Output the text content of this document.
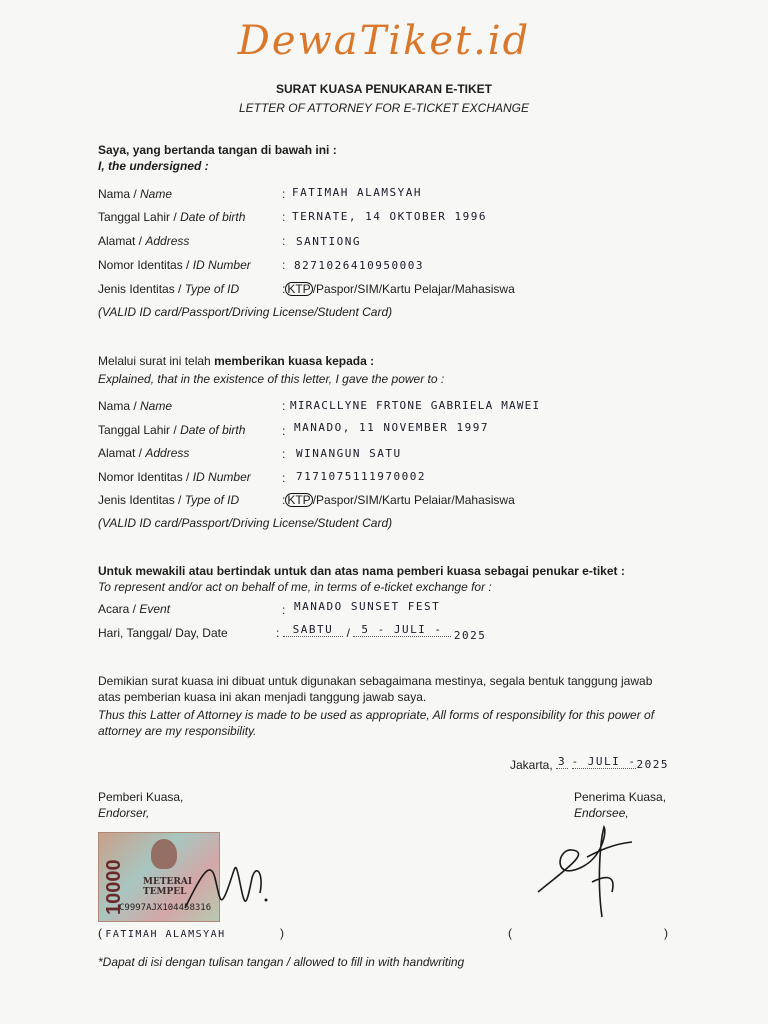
DewaTiket.id
SURAT KUASA PENUKARAN E-TIKET
LETTER OF ATTORNEY FOR E-TICKET EXCHANGE
Saya, yang bertanda tangan di bawah ini :
I, the undersigned :
Nama / Name	: FATIMAH ALAMSYAH
Tanggal Lahir / Date of birth	: TERNATE, 14 OKTOBER 1996
Alamat / Address	: SANTIONG
Nomor Identitas / ID Number	: 8271026410950003
Jenis Identitas / Type of ID	: KTP /Paspor/SIM/Kartu Pelajar/Mahasiswa
(VALID ID card/Passport/Driving License/Student Card)
Melalui surat ini telah memberikan kuasa kepada :
Explained, that in the existence of this letter, I gave the power to :
Nama / Name	: MIRACLLYNE FRTONE GABRIELA MAWEI
Tanggal Lahir / Date of birth	: MANADO, 11 NOVEMBER 1997
Alamat / Address	: WINANGUN SATU
Nomor Identitas / ID Number	: 7171075111970002
Jenis Identitas / Type of ID	: KTP /Paspor/SIM/Kartu Pelaiar/Mahasiswa
(VALID ID card/Passport/Driving License/Student Card)
Untuk mewakili atau bertindak untuk dan atas nama pemberi kuasa sebagai penukar e-tiket :
To represent and/or act on behalf of me, in terms of e-ticket exchange for :
Acara / Event	: MANADO SUNSET FEST
Hari, Tanggal/ Day, Date	: SABTU / 5 - JULI - 2025
Demikian surat kuasa ini dibuat untuk digunakan sebagaimana mestinya, segala bentuk tanggung jawab atas pemberian kuasa ini akan menjadi tanggung jawab saya.
Thus this Latter of Attorney is made to be used as appropriate, All forms of responsibility for this power of attorney are my responsibility.
Jakarta, 3 - JULI - 2025
Pemberi Kuasa,
Endorser,
Penerima Kuasa,
Endorsee,
10000 METERAI
TEMPEL
C9997AJX104458316
( FATIMAH ALAMSYAH	)	(	)
*Dapat di isi dengan tulisan tangan / allowed to fill in with handwriting
